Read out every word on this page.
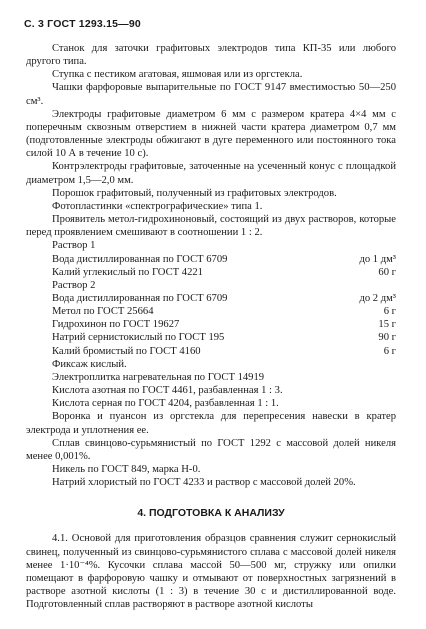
С. 3 ГОСТ 1293.15—90

Станок для заточки графитовых электродов типа КП-35 или любого другого типа.

Ступка с пестиком агатовая, яшмовая или из оргстекла.

Чашки фарфоровые выпарительные по ГОСТ 9147 вместимостью 50—250 см³.

Электроды графитовые диаметром 6 мм с размером кратера 4×4 мм с поперечным сквозным отверстием в нижней части кратера диаметром 0,7 мм (подготовленные электроды обжигают в дуге переменного или постоянного тока силой 10 А в течение 10 с).

Контрэлектроды графитовые, заточенные на усеченный конус с площадкой диаметром 1,5—2,0 мм.

Порошок графитовый, полученный из графитовых электродов.

Фотопластинки «спектрографические» типа 1.

Проявитель метол-гидрохиноновый, состоящий из двух растворов, которые перед проявлением смешивают в соотношении 1 : 2.

Раствор 1

Вода дистиллированная по ГОСТ 6709	до 1 дм³
Калий углекислый по ГОСТ 4221	60 г

Раствор 2

Вода дистиллированная по ГОСТ 6709	до 2 дм³
Метол по ГОСТ 25664	6 г
Гидрохинон по ГОСТ 19627	15 г
Натрий сернистокислый по ГОСТ 195	90 г
Калий бромистый по ГОСТ 4160	6 г

Фиксаж кислый.

Электроплитка нагревательная по ГОСТ 14919

Кислота азотная по ГОСТ 4461, разбавленная 1 : 3.

Кислота серная по ГОСТ 4204, разбавленная 1 : 1.

Воронка и пуансон из оргстекла для перепресения навески в кратер электрода и уплотнения ее.

Сплав свинцово-сурьмянистый по ГОСТ 1292 с массовой долей никеля менее 0,001%.

Никель по ГОСТ 849, марка Н-0.

Натрий хлористый по ГОСТ 4233 и раствор с массовой долей 20%.

4. ПОДГОТОВКА К АНАЛИЗУ

4.1. Основой для приготовления образцов сравнения служит сернокислый свинец, полученный из свинцово-сурьмянистого сплава с массовой долей никеля менее 1·10⁻⁴%. Кусочки сплава массой 50—500 мг, стружку или опилки помещают в фарфоровую чашку и отмывают от поверхностных загрязнений в растворе азотной кислоты (1 : 3) в течение 30 с и дистиллированной воде. Подготовленный сплав растворяют в растворе азотной кислоты
